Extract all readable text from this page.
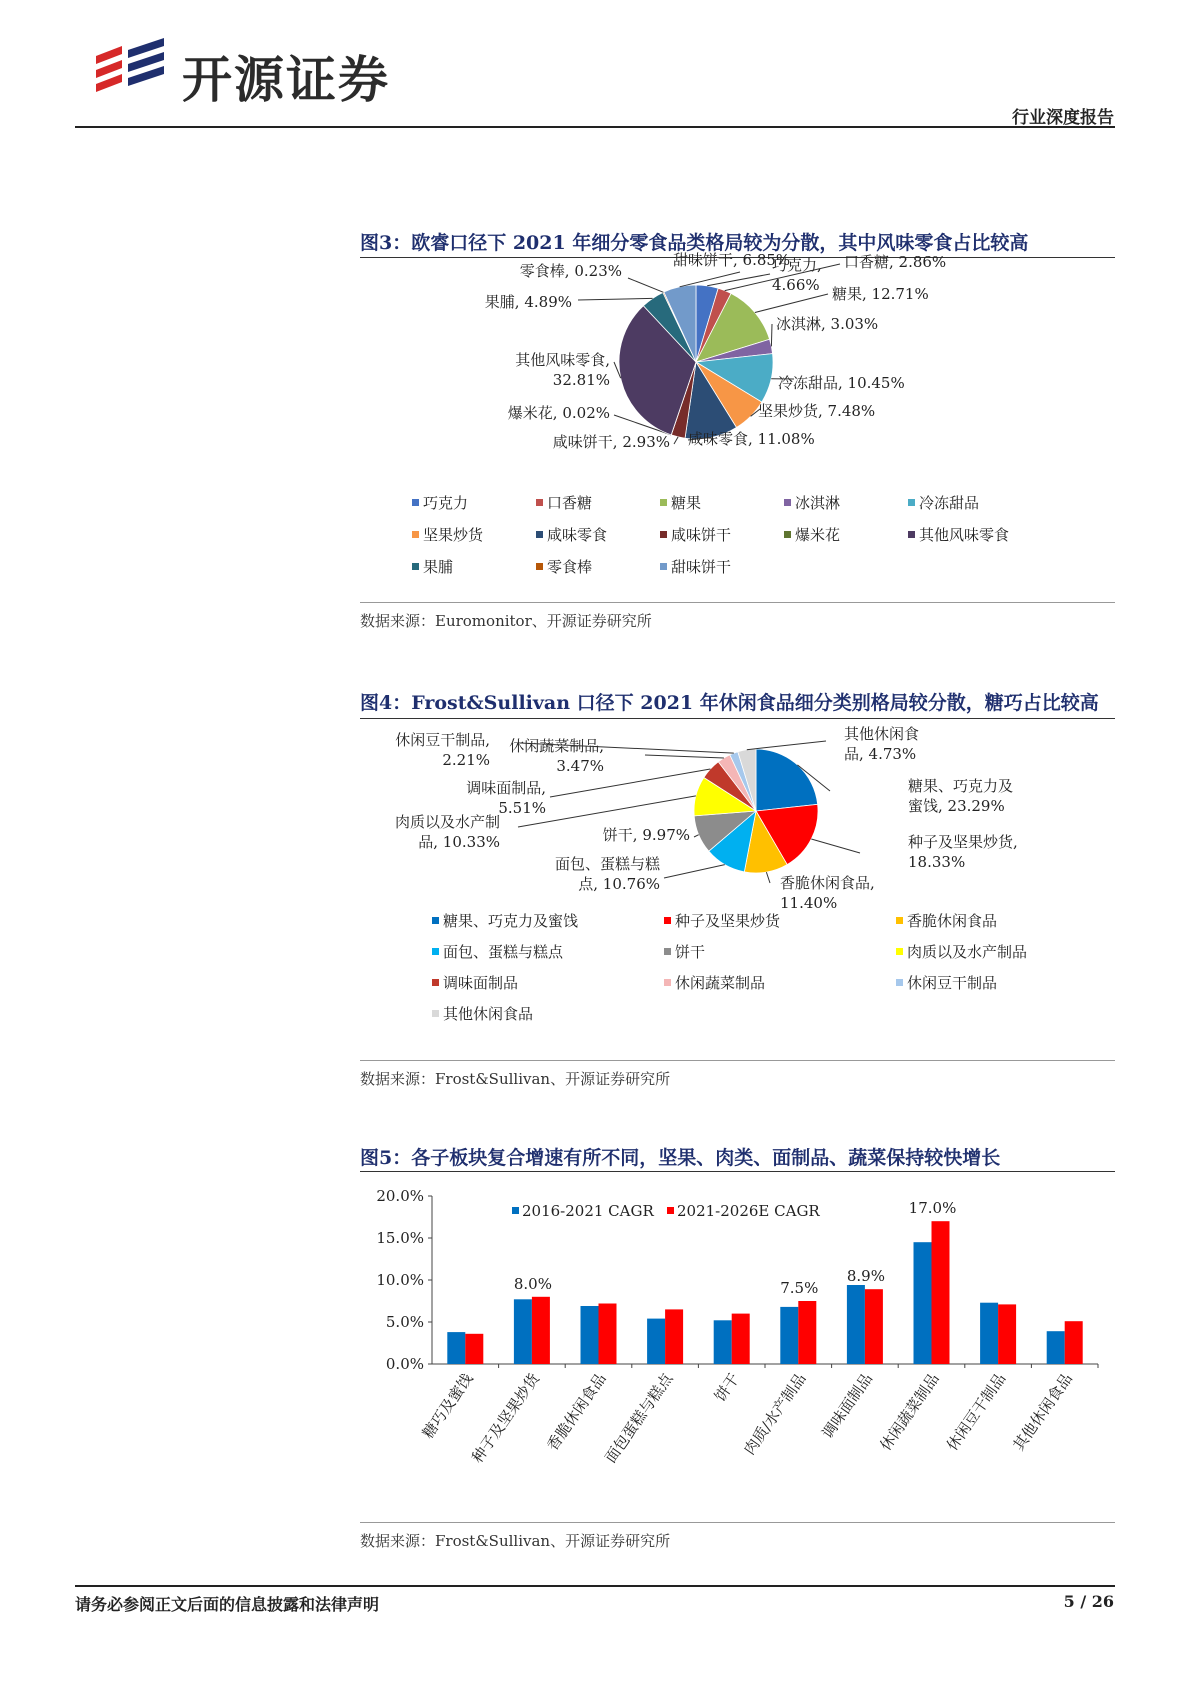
开源证券
行业深度报告
图3：欧睿口径下 2021 年细分零食品类格局较为分散，其中风味零食占比较高
巧克力, 4.66%
口香糖, 2.86%
糖果, 12.71%
冰淇淋, 3.03%
冷冻甜品, 10.45%
坚果炒货, 7.48%
咸味零食, 11.08%
咸味饼干, 2.93%
爆米花, 0.02%
其他风味零食, 32.81%
果脯, 4.89%
零食棒, 0.23%
甜味饼干, 6.85%
巧克力	口香糖	糖果	冰淇淋	冷冻甜品
坚果炒货	咸味零食	咸味饼干	爆米花	其他风味零食
果脯	零食棒	甜味饼干
数据来源：Euromonitor、开源证券研究所
图4：Frost&Sullivan 口径下 2021 年休闲食品细分类别格局较分散，糖巧占比较高
糖果、巧克力及蜜饯, 23.29%
种子及坚果炒货, 18.33%
香脆休闲食品, 11.40%
面包、蛋糕与糕点, 10.76%
饼干, 9.97%
肉质以及水产制品, 10.33%
调味面制品, 5.51%
休闲蔬菜制品, 3.47%
休闲豆干制品, 2.21%
其他休闲食品, 4.73%
糖果、巧克力及蜜饯	种子及坚果炒货	香脆休闲食品
面包、蛋糕与糕点	饼干	肉质以及水产制品
调味面制品	休闲蔬菜制品	休闲豆干制品
其他休闲食品
数据来源：Frost&Sullivan、开源证券研究所
图5：各子板块复合增速有所不同，坚果、肉类、面制品、蔬菜保持较快增长
0.0%
5.0%
10.0%
15.0%
20.0%
糖巧及蜜饯
种子及坚果炒货 香脆休闲食品
面包蛋糕与糕点 饼干
肉质/水产制品 调味面制品 休闲蔬菜制品 休闲豆干制品 其他休闲食品
8.0%	7.5%
8.9%
17.0%
2016-2021 CAGR 2021-2026E CAGR
数据来源：Frost&Sullivan、开源证券研究所
请务必参阅正文后面的信息披露和法律声明	5 / 26
